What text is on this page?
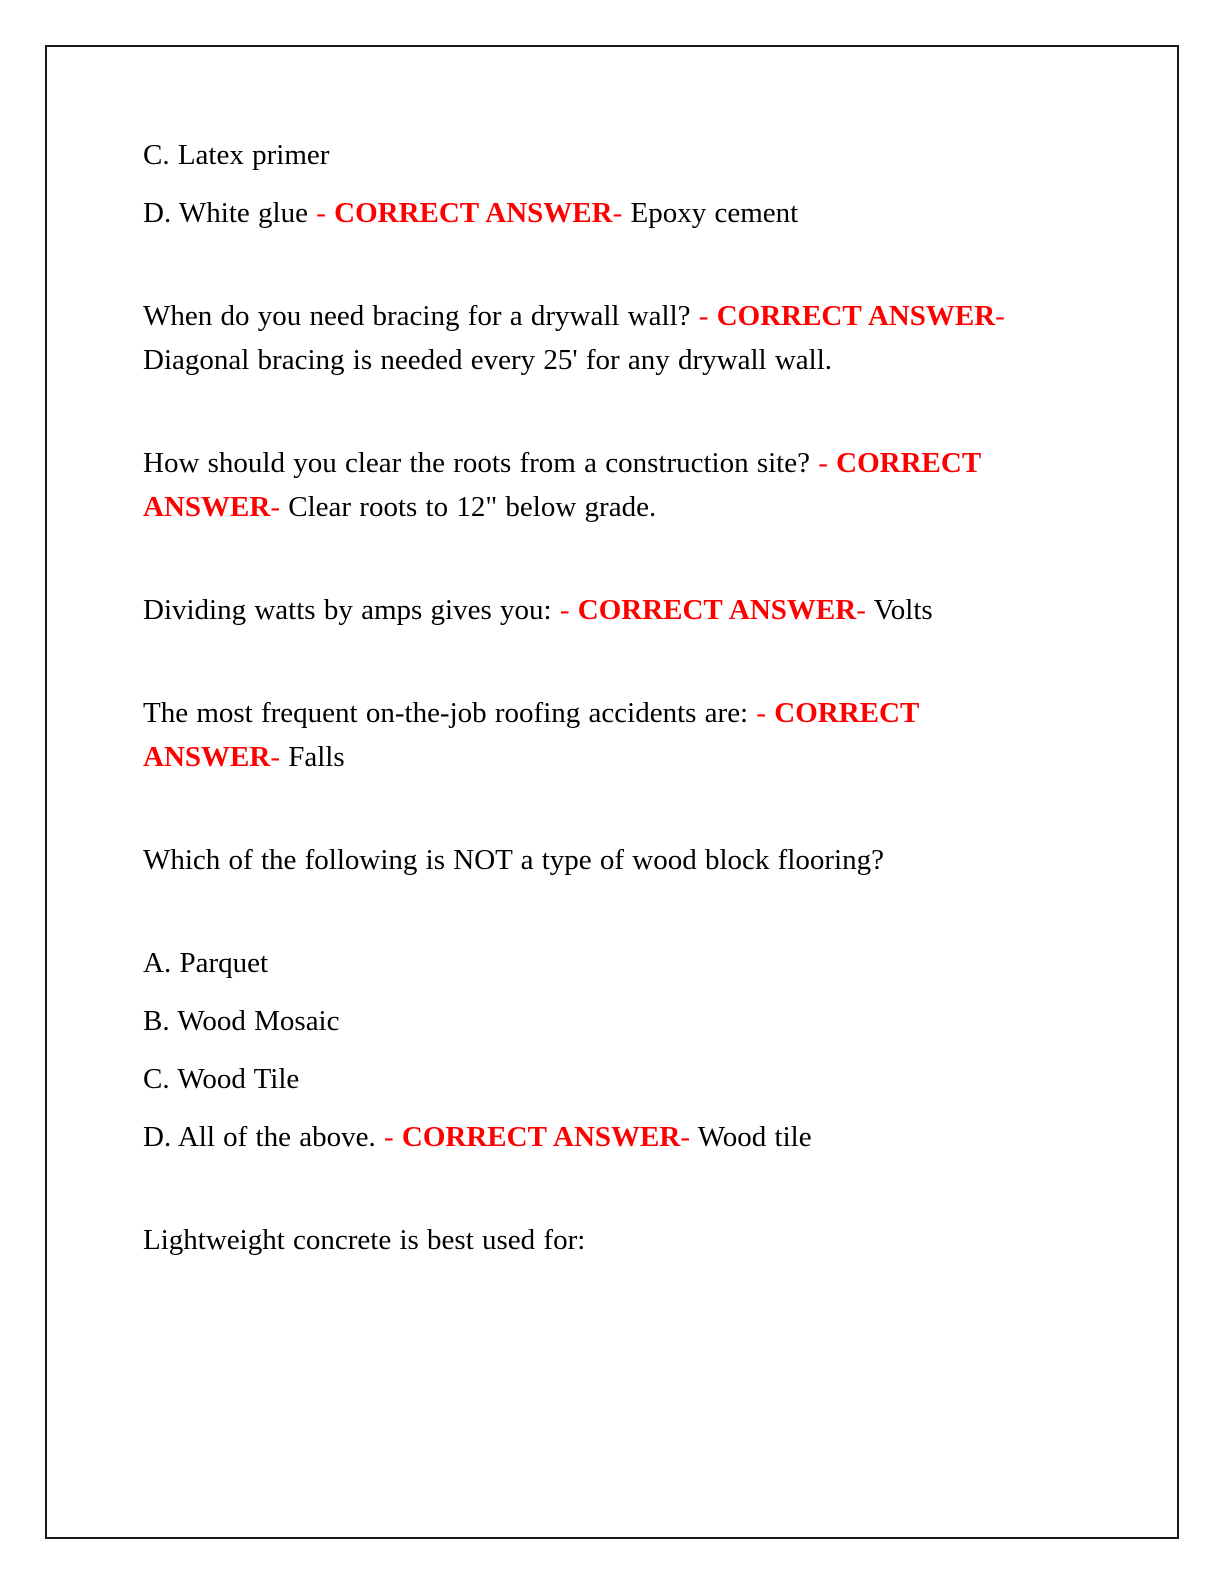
C. Latex primer

D. White glue - CORRECT ANSWER- Epoxy cement

When do you need bracing for a drywall wall? - CORRECT ANSWER- Diagonal bracing is needed every 25' for any drywall wall.

How should you clear the roots from a construction site? - CORRECT ANSWER- Clear roots to 12" below grade.

Dividing watts by amps gives you: - CORRECT ANSWER- Volts

The most frequent on-the-job roofing accidents are: - CORRECT ANSWER- Falls

Which of the following is NOT a type of wood block flooring?

A. Parquet

B. Wood Mosaic

C. Wood Tile

D. All of the above. - CORRECT ANSWER- Wood tile

Lightweight concrete is best used for:
